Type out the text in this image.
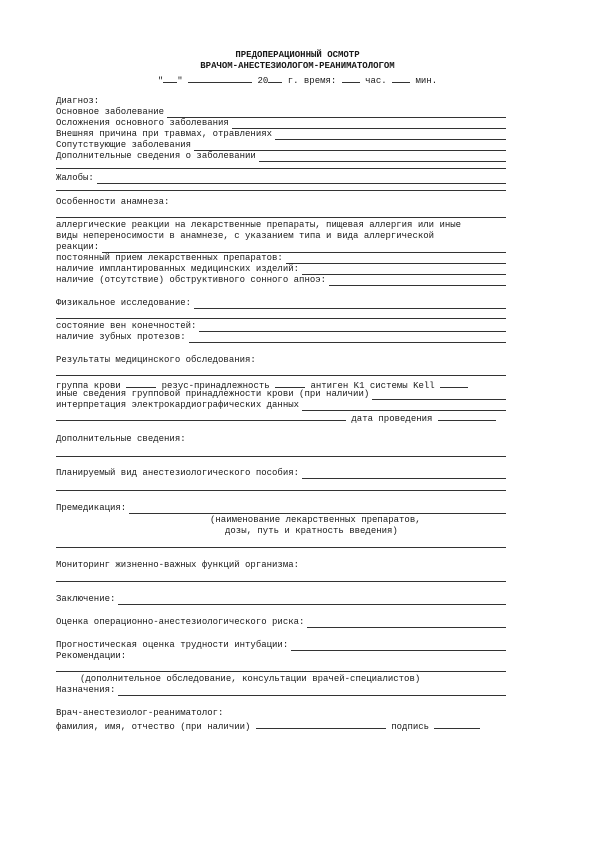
ПРЕДОПЕРАЦИОННЫЙ ОСМОТР
ВРАЧОМ-АНЕСТЕЗИОЛОГОМ-РЕАНИМАТОЛОГОМ
" "	20 г. время:	час.	мин.
Диагноз:
Основное заболевание
Осложнения основного заболевания
Внешняя причина при травмах, отравлениях
Сопутствующие заболевания
Дополнительные сведения о заболевании
Жалобы:
Особенности анамнеза:
аллергические реакции на лекарственные препараты, пищевая аллергия или иные
виды непереносимости в анамнезе, с указанием типа и вида аллергической
реакции:
постоянный прием лекарственных препаратов:
наличие имплантированных медицинских изделий:
наличие (отсутствие) обструктивного сонного апноэ:
Физикальное исследование:
состояние вен конечностей:
наличие зубных протезов:
Результаты медицинского обследования:
группа крови	резус-принадлежность	антиген K1 системы Kell
иные сведения групповой принадлежности крови (при наличии)
интерпретация электрокардиографических данных
дата проведения
Дополнительные сведения:
Планируемый вид анестезиологического пособия:
Премедикация:
(наименование лекарственных препаратов,
дозы, путь и кратность введения)
Мониторинг жизненно-важных функций организма:
Заключение:
Оценка операционно-анестезиологического риска:
Прогностическая оценка трудности интубации:
Рекомендации:
(дополнительное обследование, консультации врачей-специалистов)
Назначения:
Врач-анестезиолог-реаниматолог:
фамилия, имя, отчество (при наличии)	подпись
